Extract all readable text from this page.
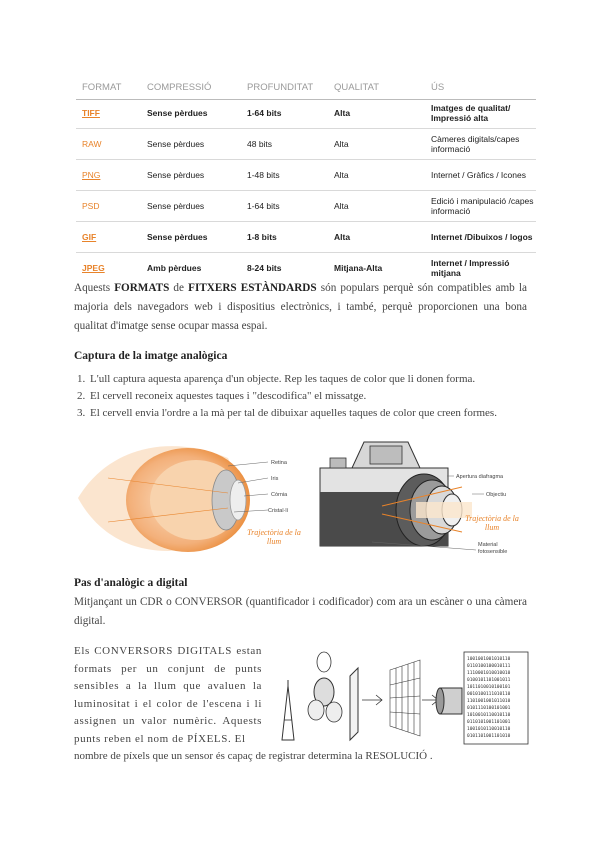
FORMAT	COMPRESSIÓ	PROFUNDITAT	QUALITAT	ÚS
TIFF	Sense pèrdues	1-64 bits	Alta	Imatges de qualitat/ Impressió alta
RAW	Sense pèrdues	48 bits	Alta	Càmeres digitals/capes informació
PNG	Sense pèrdues	1-48 bits	Alta	Internet / Gràfics / Icones
PSD	Sense pèrdues	1-64 bits	Alta	Edició i manipulació /capes informació
GIF	Sense pèrdues	1-8 bits	Alta	Internet /Dibuixos / logos
JPEG	Amb pèrdues	8-24 bits	Mitjana-Alta	Internet / Impressió mitjana
Aquests FORMATS de FITXERS ESTÀNDARDS són populars perquè són compatibles amb la majoria dels navegadors web i dispositius electrònics, i també, perquè proporcionen una bona qualitat d'imatge sense ocupar massa espai.
Captura de la imatge analògica
1. L'ull captura aquesta aparença d'un objecte. Rep les taques de color que li donen forma.
2. El cervell reconeix aquestes taques i "descodifica" el missatge.
3. El cervell envia l'ordre a la mà per tal de dibuixar aquelles taques de color que creen formes.
Retina
Iris
Còrnia
Cristal·lí
Trajectòria de la llum
Apertura diafragma
Objectiu
Material fotosensible
Trajectòria de la llum
Pas d'analògic a digital
Mitjançant un CDR o CONVERSOR (quantificador i codificador) com ara un escàner o una càmera digital.
Els CONVERSORS DIGITALS estan formats per un conjunt de punts sensibles a la llum que avaluen la luminositat i el color de l'escena i li assignen un valor numèric. Aquests punts reben el nom de PÍXELS. El
1001001001010110
0110100100010111
1110001010010010
0100101101001011
1011010010100101
0010100111010110
1101001001011010
0101110100101001
1010010110010110
0110101001101001
1001010110010110
0101101001101010
nombre de píxels que un sensor és capaç de registrar determina la RESOLUCIÓ .
